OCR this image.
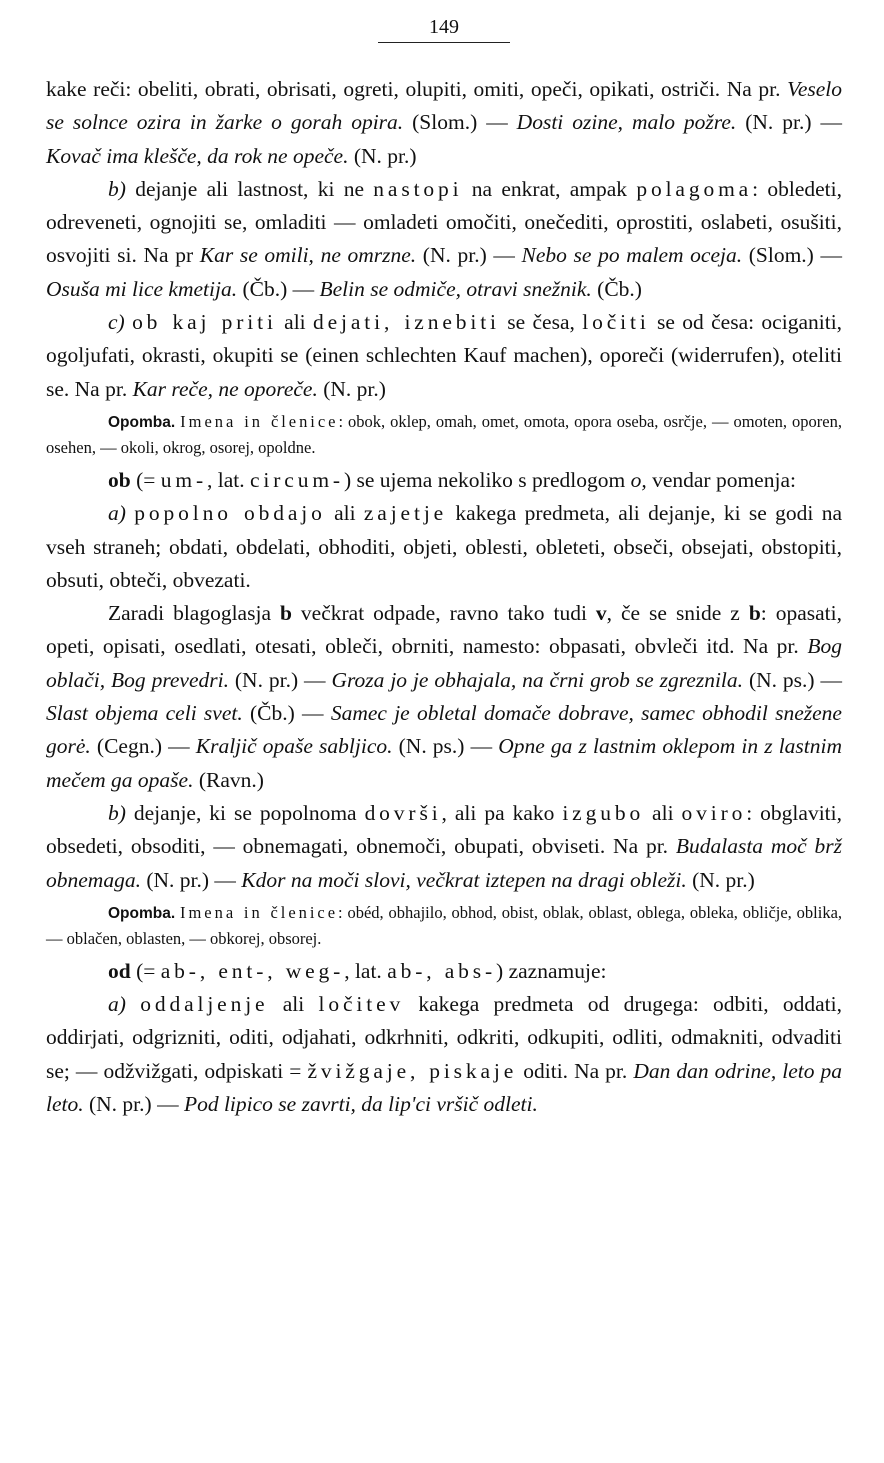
149

kake reči: obeliti, obrati, obrisati, ogreti, olupiti, omiti, opeči, opikati, ostriči. Na pr. Veselo se solnce ozira in žarke o gorah opira. (Slom.) — Dosti ozine, malo požre. (N. pr.) — Kovač ima klešče, da rok ne opeče. (N. pr.)

b) dejanje ali lastnost, ki ne nastopi na enkrat, ampak polagoma: obledeti, odreveneti, ognojiti se, omladiti — omladeti omočiti, onečediti, oprostiti, oslabeti, osušiti, osvojiti si. Na pr Kar se omili, ne omrzne. (N. pr.) — Nebo se po malem oceja. (Slom.) — Osuša mi lice kmetija. (Čb.) — Belin se odmiče, otravi snežnik. (Čb.)

c) ob kaj priti ali dejati, iznebiti se česa, ločiti se od česa: ociganiti, ogoljufati, okrasti, okupiti se (einen schlechten Kauf machen), oporeči (widerrufen), oteliti se. Na pr. Kar reče, ne oporeče. (N. pr.)

Opomba. Imena in členice: obok, oklep, omah, omet, omota, opora oseba, osrčje, — omoten, oporen, osehen, — okoli, okrog, osorej, opoldne.

ob (= um-, lat. circum-) se ujema nekoliko s predlogom o, vendar pomenja:

a) popolno obdajo ali zajetje kakega predmeta, ali dejanje, ki se godi na vseh straneh; obdati, obdelati, obhoditi, objeti, oblesti, obleteti, obseči, obsejati, obstopiti, obsuti, obteči, obvezati.

Zaradi blagoglasja b večkrat odpade, ravno tako tudi v, če se snide z b: opasati, opeti, opisati, osedlati, otesati, obleči, obrniti, namesto: obpasati, obvleči itd. Na pr. Bog oblači, Bog prevedri. (N. pr.) — Groza jo je obhajala, na črni grob se zgreznila. (N. ps.) — Slast objema celi svet. (Čb.) — Samec je obletal domače dobrave, samec obhodil snežene gorė. (Cegn.) — Kraljič opaše sabljico. (N. ps.) — Opne ga z lastnim oklepom in z lastnim mečem ga opaše. (Ravn.)

b) dejanje, ki se popolnoma dovrši, ali pa kako izgubo ali oviro: obglaviti, obsedeti, obsoditi, — obnemagati, obnemoči, obupati, obviseti. Na pr. Budalasta moč brž obnemaga. (N. pr.) — Kdor na moči slovi, večkrat iztepen na dragi obleži. (N. pr.)

Opomba. Imena in členice: obéd, obhajilo, obhod, obist, oblak, oblast, oblega, obleka, obličje, oblika, — oblačen, oblasten, — obkorej, obsorej.

od (= ab-, ent-, weg-, lat. ab-, abs-) zaznamuje:

a) oddaljenje ali ločitev kakega predmeta od drugega: odbiti, oddati, oddirjati, odgrizniti, oditi, odjahati, odkrhniti, odkriti, odkupiti, odliti, odmakniti, odvaditi se; — odžvižgati, odpiskati = žvižgaje, piskaje oditi. Na pr. Dan dan odrine, leto pa leto. (N. pr.) — Pod lipico se zavrti, da lip'ci vršič odleti.
